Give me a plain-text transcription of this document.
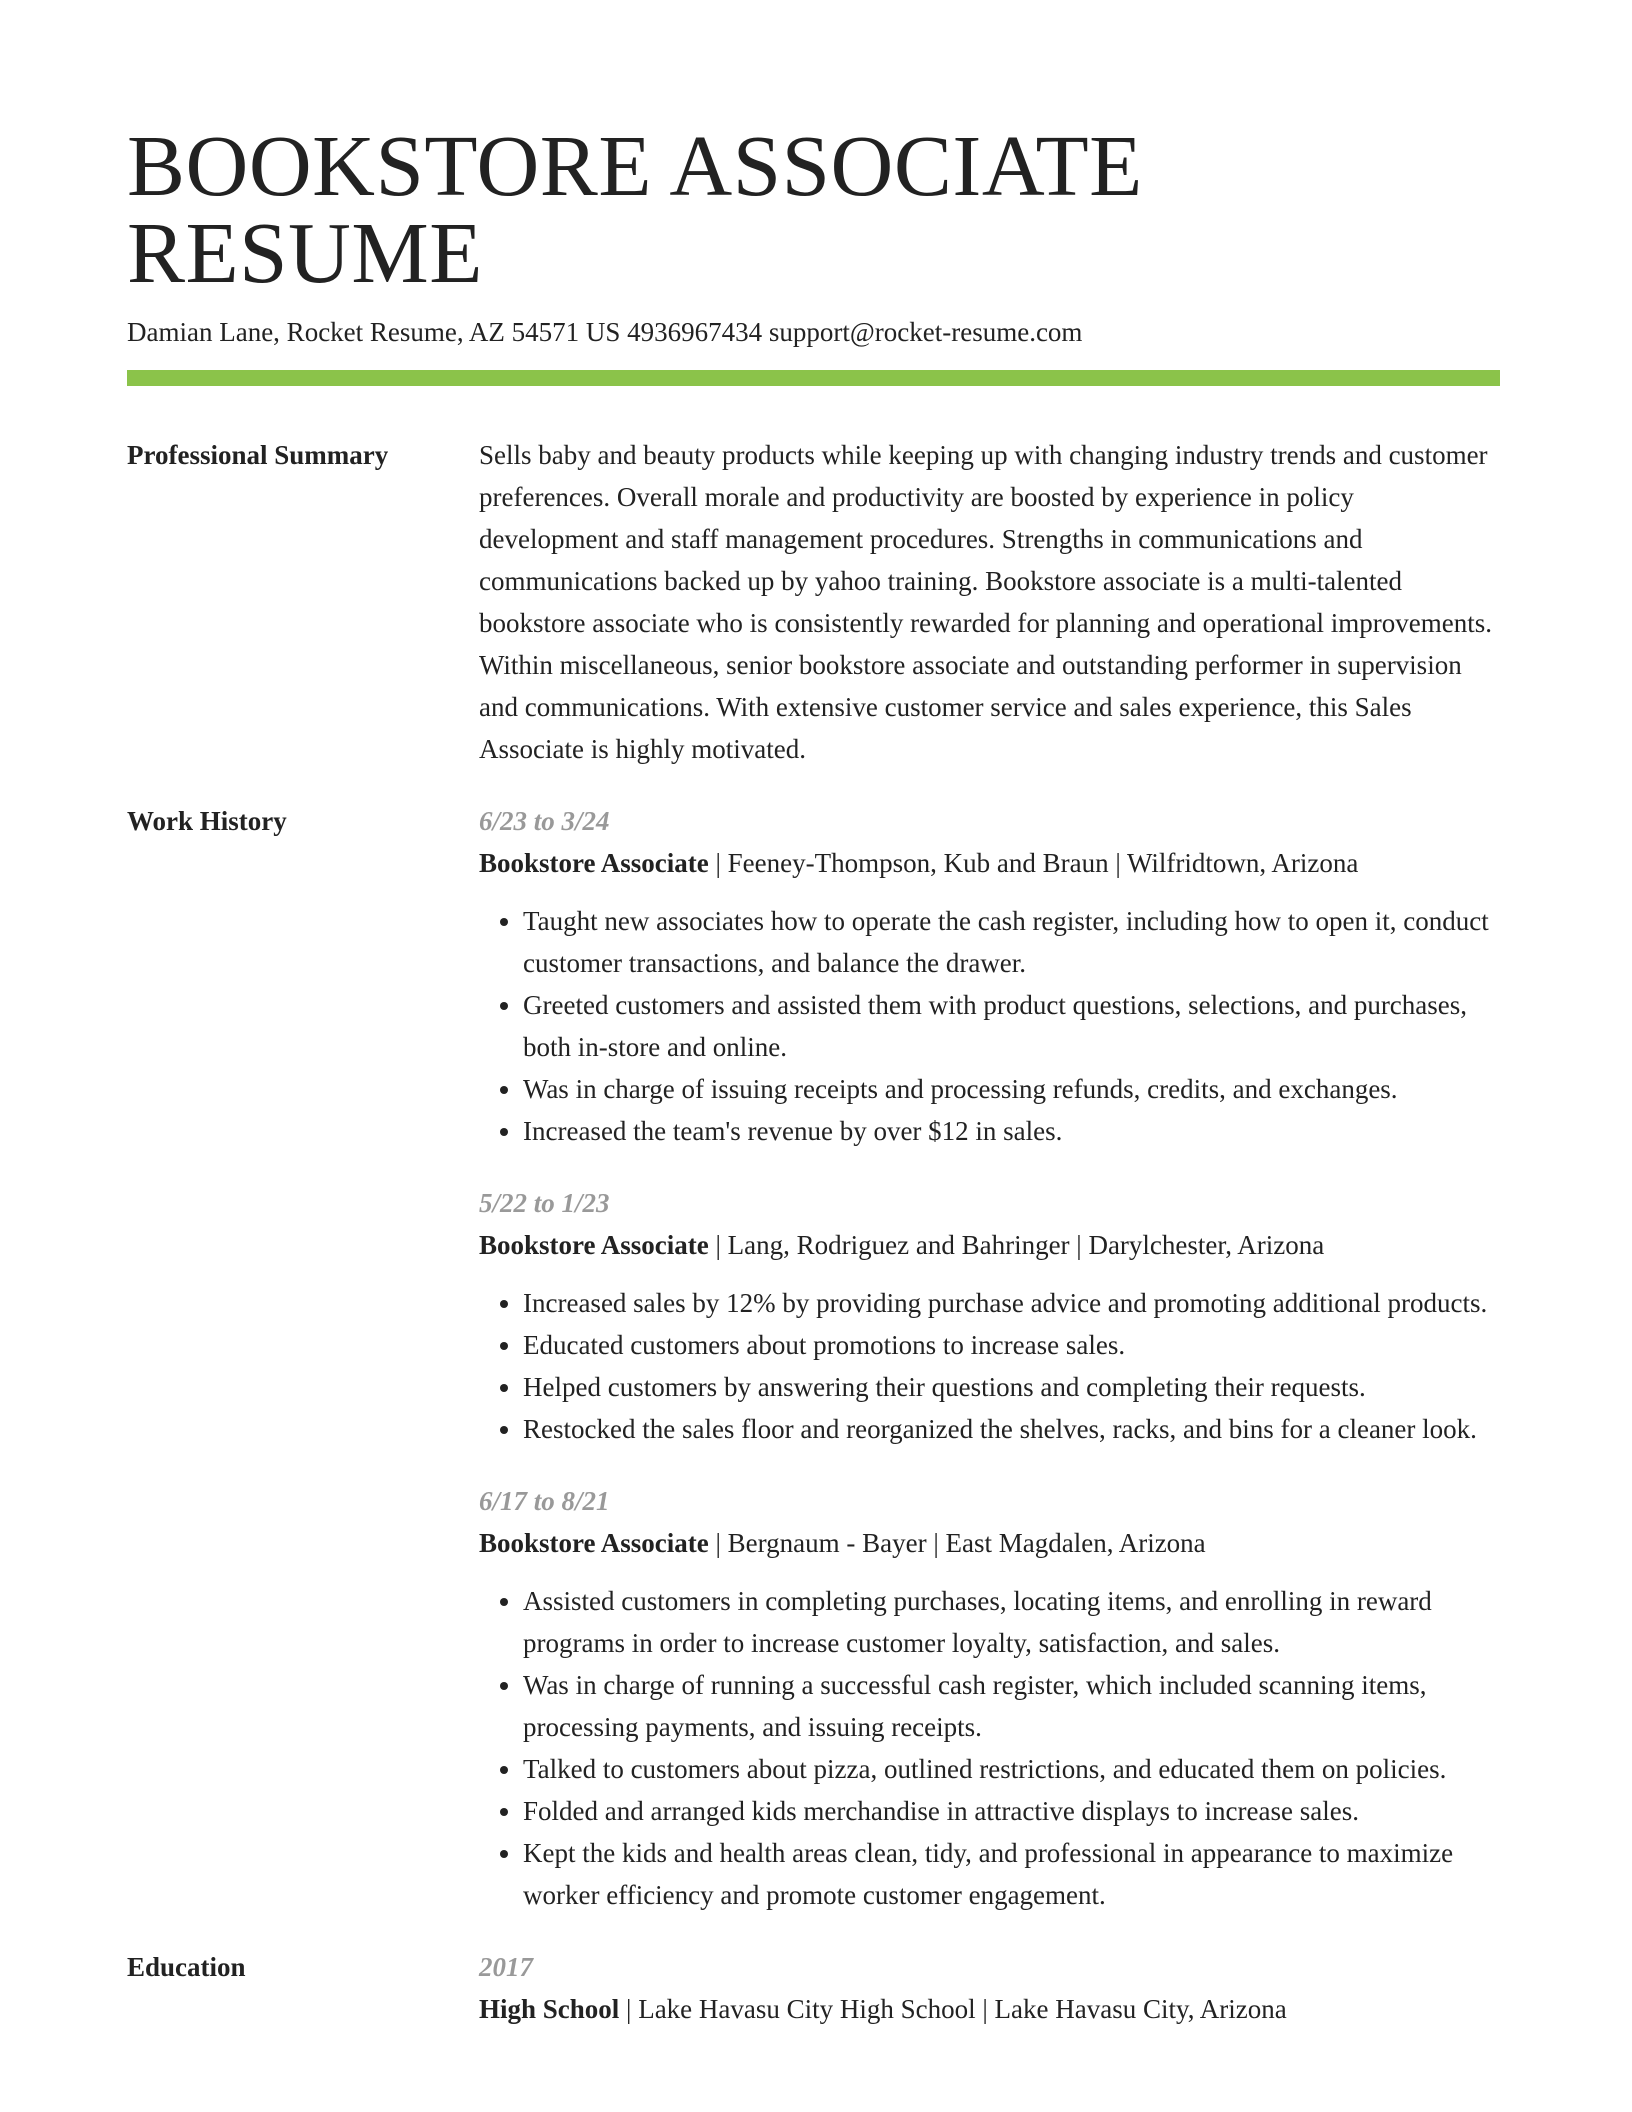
BOOKSTORE ASSOCIATE RESUME
Damian Lane, Rocket Resume, AZ 54571 US 4936967434 support@rocket-resume.com
Professional Summary	Sells baby and beauty products while keeping up with changing industry trends and customer preferences. Overall morale and productivity are boosted by experience in policy development and staff management procedures. Strengths in communications and communications backed up by yahoo training. Bookstore associate is a multi-talented bookstore associate who is consistently rewarded for planning and operational improvements. Within miscellaneous, senior bookstore associate and outstanding performer in supervision and communications. With extensive customer service and sales experience, this Sales Associate is highly motivated.

Work History	6/23 to 3/24
Bookstore Associate | Feeney-Thompson, Kub and Braun | Wilfridtown, Arizona
• Taught new associates how to operate the cash register, including how to open it, conduct customer transactions, and balance the drawer.
• Greeted customers and assisted them with product questions, selections, and purchases, both in-store and online.
• Was in charge of issuing receipts and processing refunds, credits, and exchanges.
• Increased the team's revenue by over $12 in sales.
5/22 to 1/23
Bookstore Associate | Lang, Rodriguez and Bahringer | Darylchester, Arizona
• Increased sales by 12% by providing purchase advice and promoting additional products.
• Educated customers about promotions to increase sales.
• Helped customers by answering their questions and completing their requests.
• Restocked the sales floor and reorganized the shelves, racks, and bins for a cleaner look.
6/17 to 8/21
Bookstore Associate | Bergnaum - Bayer | East Magdalen, Arizona
• Assisted customers in completing purchases, locating items, and enrolling in reward programs in order to increase customer loyalty, satisfaction, and sales.
• Was in charge of running a successful cash register, which included scanning items, processing payments, and issuing receipts.
• Talked to customers about pizza, outlined restrictions, and educated them on policies.
• Folded and arranged kids merchandise in attractive displays to increase sales.
• Kept the kids and health areas clean, tidy, and professional in appearance to maximize worker efficiency and promote customer engagement.
Education	2017
High School | Lake Havasu City High School | Lake Havasu City, Arizona
